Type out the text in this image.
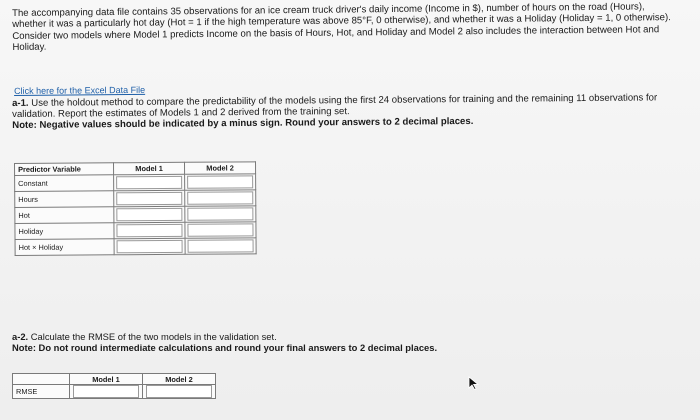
The accompanying data file contains 35 observations for an ice cream truck driver's daily income (Income in $), number of hours on the road (Hours), whether it was a particularly hot day (Hot = 1 if the high temperature was above 85°F, 0 otherwise), and whether it was a Holiday (Holiday = 1, 0 otherwise). Consider two models where Model 1 predicts Income on the basis of Hours, Hot, and Holiday and Model 2 also includes the interaction between Hot and Holiday.

Click here for the Excel Data File

a-1. Use the holdout method to compare the predictability of the models using the first 24 observations for training and the remaining 11 observations for validation. Report the estimates of Models 1 and 2 derived from the training set.

Note: Negative values should be indicated by a minus sign. Round your answers to 2 decimal places.

Predictor Variable	Model 1	Model 2
Constant	

Hours	

Hot	

Holiday	

Hot × Holiday	

a-2. Calculate the RMSE of the two models in the validation set.

Note: Do not round intermediate calculations and round your final answers to 2 decimal places.

	Model 1	Model 2
RMSE	
